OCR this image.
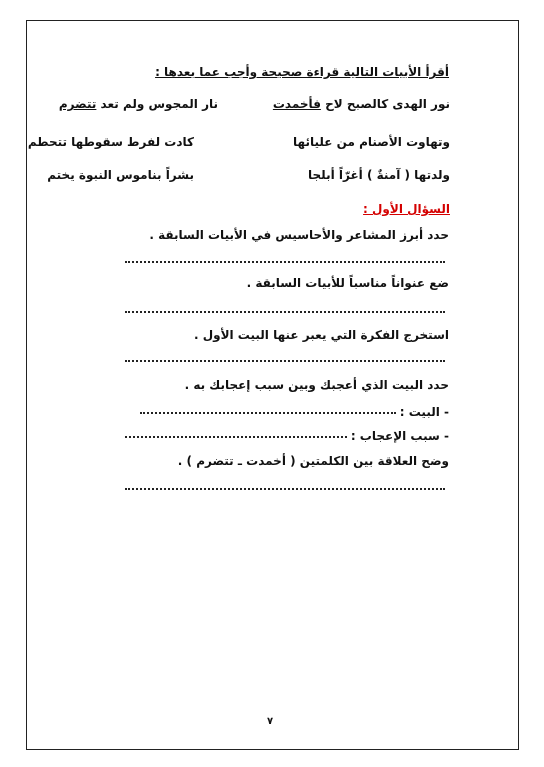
أقرأ الأبيات التالية قراءة صحيحة وأجب عما بعدها :
نور الهدى كالصبح لاح فأخمدت
نار المجوس ولم تعد تتضرم
وتهاوت الأصنام من عليائها
كادت لفرط سقوطها تتحطم
ولدتها ( آمنةٌ ) أغرّاً أبلجا
بشراً بناموس النبوة يختم
السؤال الأول :
حدد أبرز المشاعر والأحاسيس في الأبيات السابقة .
ضع عنواناً مناسباً للأبيات السابقة .
استخرج الفكرة التي يعبر عنها البيت الأول .
حدد البيت الذي أعجبك وبين سبب إعجابك به .
- البيت :
- سبب الإعجاب :
وضح العلاقة بين الكلمتين ( أخمدت ـ تتضرم ) .
٧
